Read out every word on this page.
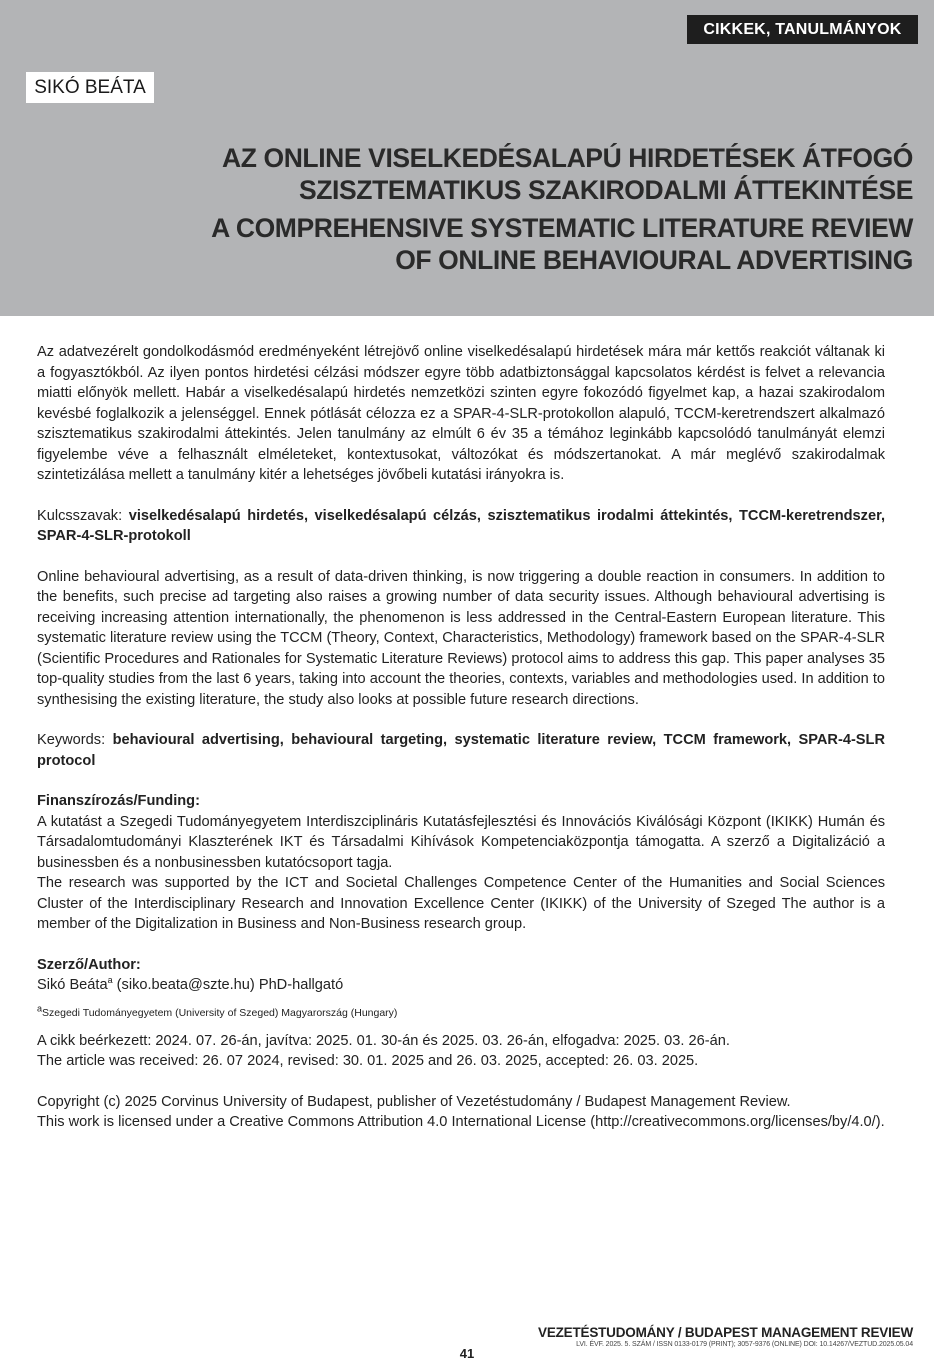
CIKKEK, TANULMÁNYOK
SIKÓ BEÁTA
AZ ONLINE VISELKEDÉSALAPÚ HIRDETÉSEK ÁTFOGÓ
SZISZTEMATIKUS SZAKIRODALMI ÁTTEKINTÉSE
A COMPREHENSIVE SYSTEMATIC LITERATURE REVIEW
OF ONLINE BEHAVIOURAL ADVERTISING

Az adatvezérelt gondolkodásmód eredményeként létrejövő online viselkedésalapú hirdetések mára már kettős reakciót váltanak ki a fogyasztókból. Az ilyen pontos hirdetési célzási módszer egyre több adatbiztonsággal kapcsolatos kérdést is felvet a relevancia miatti előnyök mellett. Habár a viselkedésalapú hirdetés nemzetközi szinten egyre fokozódó figyelmet kap, a hazai szakirodalom kevésbé foglalkozik a jelenséggel. Ennek pótlását célozza ez a SPAR-4-SLR-protokollon alapuló, TCCM-keretrendszert alkalmazó szisztematikus szakirodalmi áttekintés. Jelen tanulmány az elmúlt 6 év 35 a témához leginkább kapcsolódó tanulmányát elemzi figyelembe véve a felhasznált elméleteket, kontextusokat, változókat és módszertanokat. A már meglévő szakirodalmak szintetizálása mellett a tanulmány kitér a lehetséges jövőbeli kutatási irányokra is.

Kulcsszavak: viselkedésalapú hirdetés, viselkedésalapú célzás, szisztematikus irodalmi áttekintés, TCCM-keretrendszer, SPAR-4-SLR-protokoll

Online behavioural advertising, as a result of data-driven thinking, is now triggering a double reaction in consumers. In addition to the benefits, such precise ad targeting also raises a growing number of data security issues. Although behavioural advertising is receiving increasing attention internationally, the phenomenon is less addressed in the Central-Eastern European literature. This systematic literature review using the TCCM (Theory, Context, Characteristics, Methodology) framework based on the SPAR-4-SLR (Scientific Procedures and Rationales for Systematic Literature Reviews) protocol aims to address this gap. This paper analyses 35 top-quality studies from the last 6 years, taking into account the theories, contexts, variables and methodologies used. In addition to synthesising the existing literature, the study also looks at possible future research directions.

Keywords: behavioural advertising, behavioural targeting, systematic literature review, TCCM framework, SPAR-4-SLR protocol

Finanszírozás/Funding:

A kutatást a Szegedi Tudományegyetem Interdiszciplináris Kutatásfejlesztési és Innovációs Kiválósági Központ (IKIKK) Humán és Társadalomtudományi Klaszterének IKT és Társadalmi Kihívások Kompetenciaközpontja támogatta. A szerző a Digitalizáció a businessben és a nonbusinessben kutatócsoport tagja.

The research was supported by the ICT and Societal Challenges Competence Center of the Humanities and Social Sciences Cluster of the Interdisciplinary Research and Innovation Excellence Center (IKIKK) of the University of Szeged The author is a member of the Digitalization in Business and Non-Business research group.

Szerző/Author:

Sikó Beáta$^a$ (siko.beata@szte.hu) PhD-hallgató

$^a$Szegedi Tudományegyetem (University of Szeged) Magyarország (Hungary)

A cikk beérkezett: 2024. 07. 26-án, javítva: 2025. 01. 30-án és 2025. 03. 26-án, elfogadva: 2025. 03. 26-án.

The article was received: 26. 07 2024, revised: 30. 01. 2025 and 26. 03. 2025, accepted: 26. 03. 2025.

Copyright (c) 2025 Corvinus University of Budapest, publisher of Vezetéstudomány / Budapest Management Review.

This work is licensed under a Creative Commons Attribution 4.0 International License (http://creativecommons.org/licenses/by/4.0/).

VEZETÉSTUDOMÁNY / BUDAPEST MANAGEMENT REVIEW
LVI. ÉVF. 2025. 5. SZÁM / ISSN 0133-0179 (PRINT); 3057-9376 (ONLINE) DOI: 10.14267/VEZTUD.2025.05.04
41
